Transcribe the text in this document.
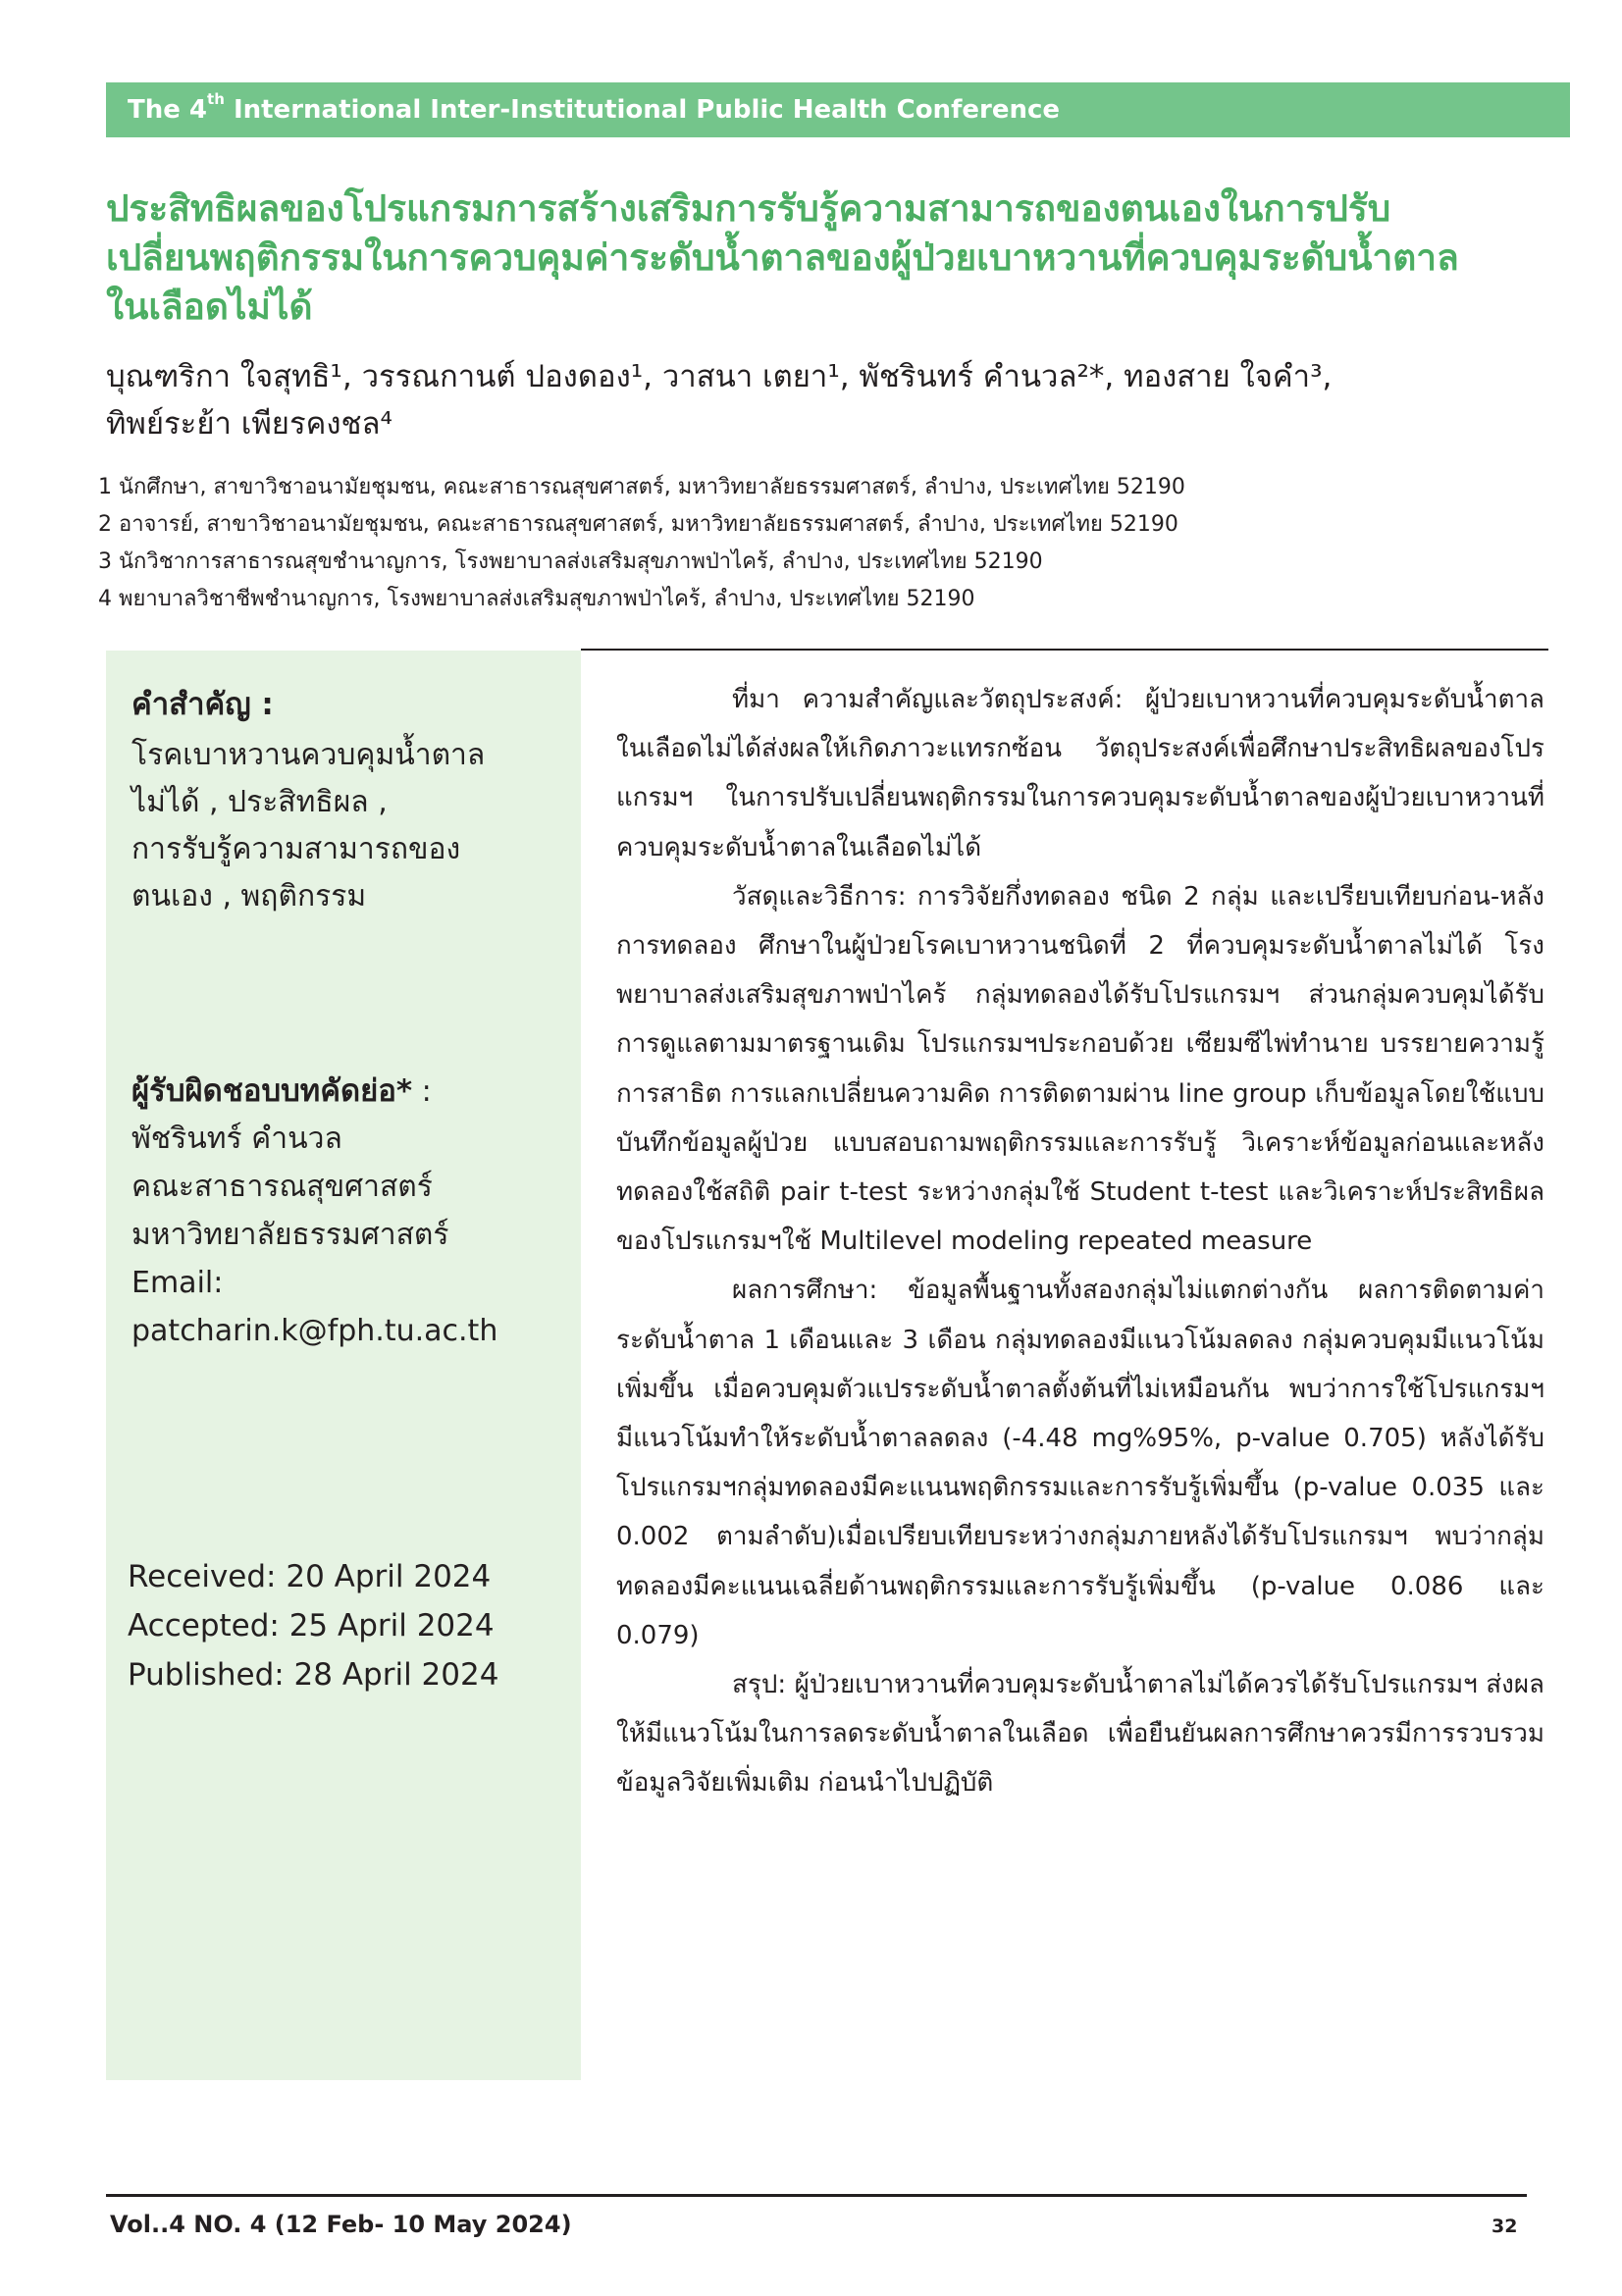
The 4th International Inter-Institutional Public Health Conference
ประสิทธิผลของโปรแกรมการสร้างเสริมการรับรู้ความสามารถของตนเองในการปรับ
เปลี่ยนพฤติกรรมในการควบคุมค่าระดับน้ำตาลของผู้ป่วยเบาหวานที่ควบคุมระดับน้ำตาล
ในเลือดไม่ได้
บุณฑริกา ใจสุทธิ¹, วรรณกานต์ ปองดอง¹, วาสนา เตยา¹, พัชรินทร์ คำนวล²*, ทองสาย ใจคำ³,
ทิพย์ระย้า เพียรคงชล⁴
1 นักศึกษา, สาขาวิชาอนามัยชุมชน, คณะสาธารณสุขศาสตร์, มหาวิทยาลัยธรรมศาสตร์, ลำปาง, ประเทศไทย 52190
2 อาจารย์, สาขาวิชาอนามัยชุมชน, คณะสาธารณสุขศาสตร์, มหาวิทยาลัยธรรมศาสตร์, ลำปาง, ประเทศไทย 52190
3 นักวิชาการสาธารณสุขชำนาญการ, โรงพยาบาลส่งเสริมสุขภาพป่าไคร้, ลำปาง, ประเทศไทย 52190
4 พยาบาลวิชาชีพชำนาญการ, โรงพยาบาลส่งเสริมสุขภาพป่าไคร้, ลำปาง, ประเทศไทย 52190
คำสำคัญ :
โรคเบาหวานควบคุมน้ำตาล
ไม่ได้ , ประสิทธิผล ,
การรับรู้ความสามารถของ
ตนเอง , พฤติกรรม
ผู้รับผิดชอบบทคัดย่อ* :
พัชรินทร์ คำนวล
คณะสาธารณสุขศาสตร์
มหาวิทยาลัยธรรมศาสตร์
Email:
patcharin.k@fph.tu.ac.th
Received: 20 April 2024
Accepted: 25 April 2024
Published: 28 April 2024

ที่มา ความสำคัญและวัตถุประสงค์: ผู้ป่วยเบาหวานที่ควบคุมระดับน้ำตาลในเลือดไม่ได้ส่งผลให้เกิดภาวะแทรกซ้อน วัตถุประสงค์เพื่อศึกษาประสิทธิผลของโปรแกรมฯ ในการปรับเปลี่ยนพฤติกรรมในการควบคุมระดับน้ำตาลของผู้ป่วยเบาหวานที่ควบคุมระดับน้ำตาลในเลือดไม่ได้

วัสดุและวิธีการ: การวิจัยกึ่งทดลอง ชนิด 2 กลุ่ม และเปรียบเทียบก่อน-หลังการทดลอง ศึกษาในผู้ป่วยโรคเบาหวานชนิดที่ 2 ที่ควบคุมระดับน้ำตาลไม่ได้ โรงพยาบาลส่งเสริมสุขภาพป่าไคร้ กลุ่มทดลองได้รับโปรแกรมฯ ส่วนกลุ่มควบคุมได้รับการดูแลตามมาตรฐานเดิม โปรแกรมฯประกอบด้วย เซียมซีไพ่ทำนาย บรรยายความรู้ การสาธิต การแลกเปลี่ยนความคิด การติดตามผ่าน line group เก็บข้อมูลโดยใช้แบบบันทึกข้อมูลผู้ป่วย แบบสอบถามพฤติกรรมและการรับรู้ วิเคราะห์ข้อมูลก่อนและหลังทดลองใช้สถิติ pair t-test ระหว่างกลุ่มใช้ Student t-test และวิเคราะห์ประสิทธิผลของโปรแกรมฯใช้ Multilevel modeling repeated measure

ผลการศึกษา: ข้อมูลพื้นฐานทั้งสองกลุ่มไม่แตกต่างกัน ผลการติดตามค่าระดับน้ำตาล 1 เดือนและ 3 เดือน กลุ่มทดลองมีแนวโน้มลดลง กลุ่มควบคุมมีแนวโน้มเพิ่มขึ้น เมื่อควบคุมตัวแปรระดับน้ำตาลตั้งต้นที่ไม่เหมือนกัน พบว่าการใช้โปรแกรมฯ มีแนวโน้มทำให้ระดับน้ำตาลลดลง (-4.48 mg%95%, p-value 0.705) หลังได้รับโปรแกรมฯกลุ่มทดลองมีคะแนนพฤติกรรมและการรับรู้เพิ่มขึ้น (p-value 0.035 และ 0.002 ตามลำดับ)เมื่อเปรียบเทียบระหว่างกลุ่มภายหลังได้รับโปรแกรมฯ พบว่ากลุ่มทดลองมีคะแนนเฉลี่ยด้านพฤติกรรมและการรับรู้เพิ่มขึ้น (p-value 0.086 และ 0.079)

สรุป: ผู้ป่วยเบาหวานที่ควบคุมระดับน้ำตาลไม่ได้ควรได้รับโปรแกรมฯ ส่งผลให้มีแนวโน้มในการลดระดับน้ำตาลในเลือด เพื่อยืนยันผลการศึกษาควรมีการรวบรวมข้อมูลวิจัยเพิ่มเติม ก่อนนำไปปฏิบัติ

Vol..4 NO. 4 (12 Feb- 10 May 2024)	32
